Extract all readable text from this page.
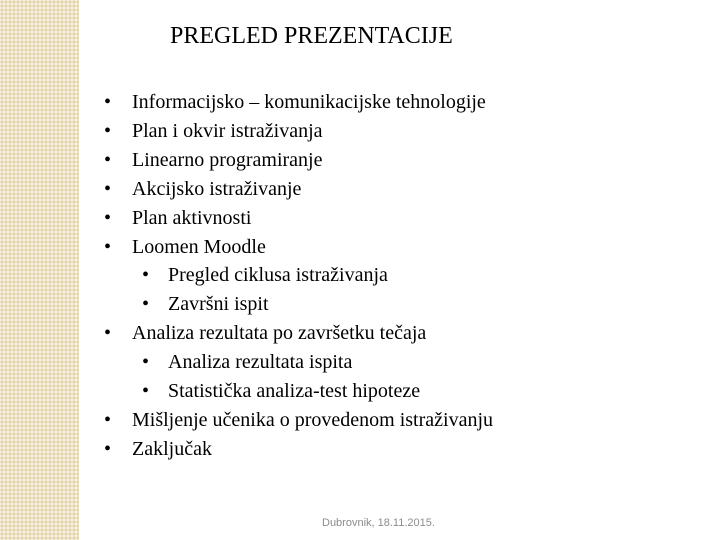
PREGLED PREZENTACIJE
• Informacijsko – komunikacijske tehnologije
• Plan i okvir istraživanja
• Linearno programiranje
• Akcijsko istraživanje
• Plan aktivnosti
• Loomen Moodle
• Pregled ciklusa istraživanja
• Završni ispit
• Analiza rezultata po završetku tečaja
• Analiza rezultata ispita
• Statistička analiza-test hipoteze
• Mišljenje učenika o provedenom istraživanju
• Zaključak
Dubrovnik, 18.11.2015.
